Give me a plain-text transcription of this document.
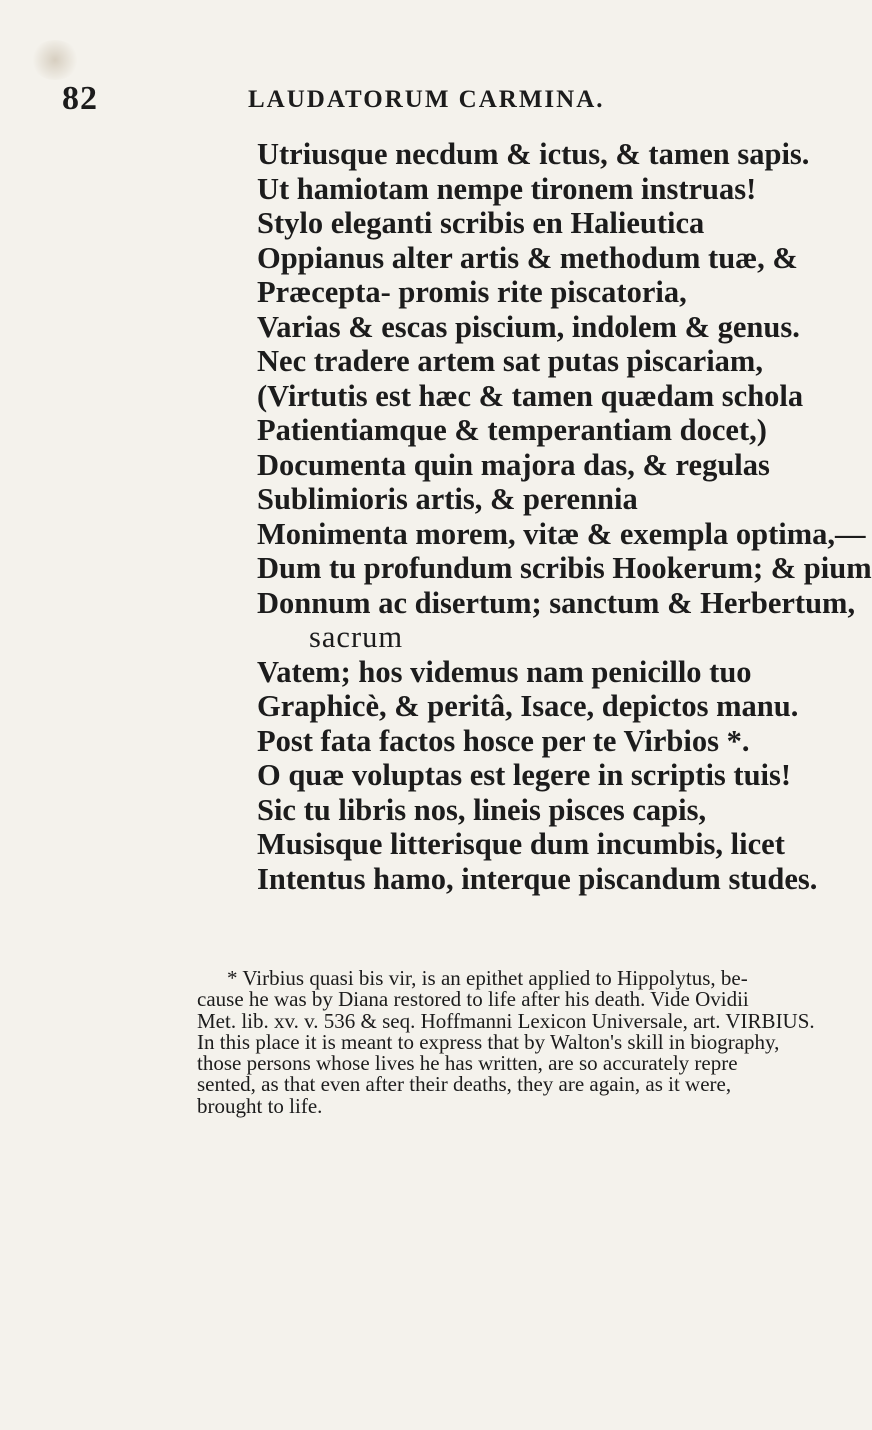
82	LAUDATORUM CARMINA.
Utriusque necdum & ictus, & tamen sapis.
Ut hamiotam nempe tironem instruas!
Stylo eleganti scribis en Halieutica
Oppianus alter artis & methodum tuæ, &
Præcepta- promis rite piscatoria,
Varias & escas piscium, indolem & genus.
Nec tradere artem sat putas piscariam,
(Virtutis est hæc & tamen quædam schola
Patientiamque & temperantiam docet,)
Documenta quin majora das, & regulas
Sublimioris artis, & perennia
Monimenta morem, vitæ & exempla optima,—
Dum tu profundum scribis Hookerum; & pium
Donnum ac disertum; sanctum & Herbertum,
sacrum
Vatem; hos videmus nam penicillo tuo
Graphicè, & peritâ, Isace, depictos manu.
Post fata factos hosce per te Virbios *.
O quæ voluptas est legere in scriptis tuis!
Sic tu libris nos, lineis pisces capis,
Musisque litterisque dum incumbis, licet
Intentus hamo, interque piscandum studes.

* Virbius quasi bis vir, is an epithet applied to Hippolytus, be-
cause he was by Diana restored to life after his death. Vide Ovidii
Met. lib. xv. v. 536 & seq. Hoffmanni Lexicon Universale, art. VIRBIUS.
In this place it is meant to express that by Walton's skill in biography,
those persons whose lives he has written, are so accurately repre
sented, as that even after their deaths, they are again, as it were,
brought to life.
